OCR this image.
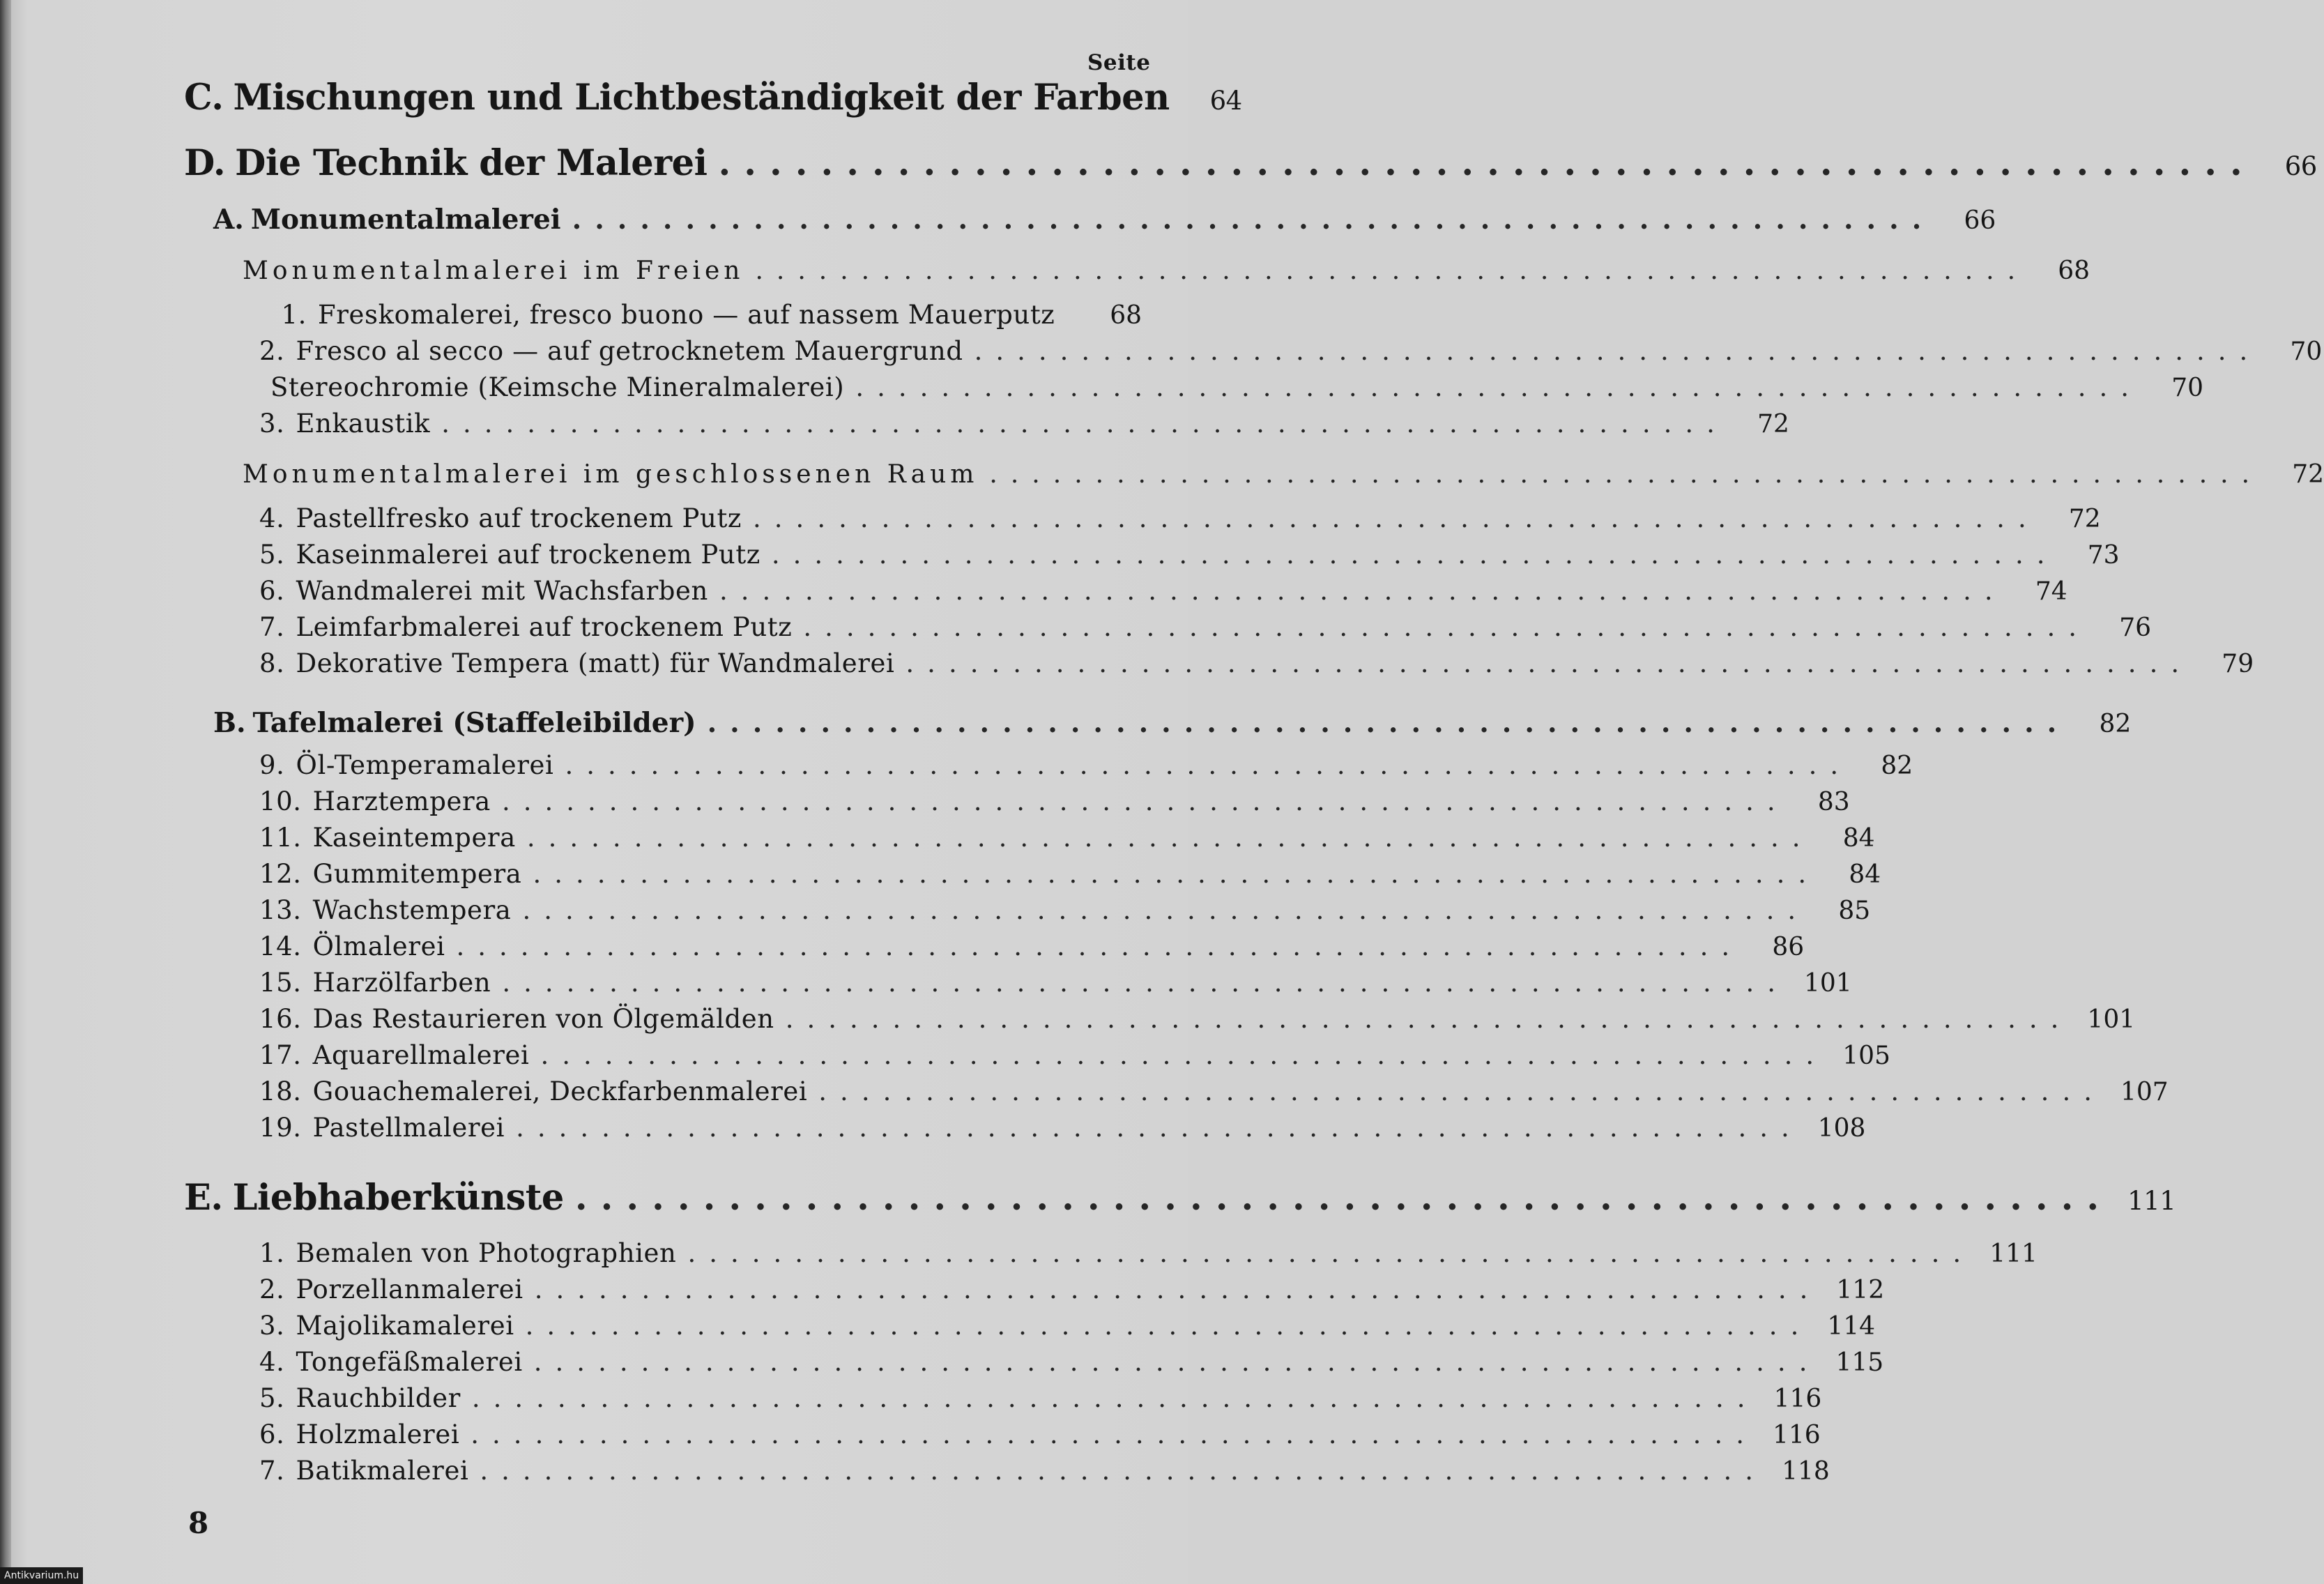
Seite
C. Mischungen und Lichtbeständigkeit der Farben	64
D. Die Technik der Malerei ............................................................	66
A. Monumentalmalerei ............................................................	66
Monumentalmalerei im Freien ............................................................	68
1. Freskomalerei, fresco buono — auf nassem Mauerputz	68
2. Fresco al secco — auf getrocknetem Mauergrund ............................................................	70
Stereochromie (Keimsche Mineralmalerei) ............................................................	70
3. Enkaustik ............................................................	72
Monumentalmalerei im geschlossenen Raum ............................................................	72
4. Pastellfresko auf trockenem Putz ............................................................	72
5. Kaseinmalerei auf trockenem Putz ............................................................	73
6. Wandmalerei mit Wachsfarben ............................................................	74
7. Leimfarbmalerei auf trockenem Putz ............................................................	76
8. Dekorative Tempera (matt) für Wandmalerei ............................................................	79
B. Tafelmalerei (Staffeleibilder) ............................................................	82
9. Öl-Temperamalerei ............................................................	82
10. Harztempera ............................................................	83
11. Kaseintempera ............................................................	84
12. Gummitempera ............................................................	84
13. Wachstempera ............................................................	85
14. Ölmalerei ............................................................	86
15. Harzölfarben ............................................................ 101
16. Das Restaurieren von Ölgemälden ............................................................ 101
17. Aquarellmalerei ............................................................ 105
18. Gouachemalerei, Deckfarbenmalerei ............................................................ 107
19. Pastellmalerei ............................................................ 108
E. Liebhaberkünste ............................................................ 111
1. Bemalen von Photographien ............................................................ 111
2. Porzellanmalerei ............................................................ 112
3. Majolikamalerei ............................................................ 114
4. Tongefäßmalerei ............................................................ 115
5. Rauchbilder ............................................................ 116
6. Holzmalerei ............................................................ 116
7. Batikmalerei ............................................................ 118
8
Antikvarium.hu
